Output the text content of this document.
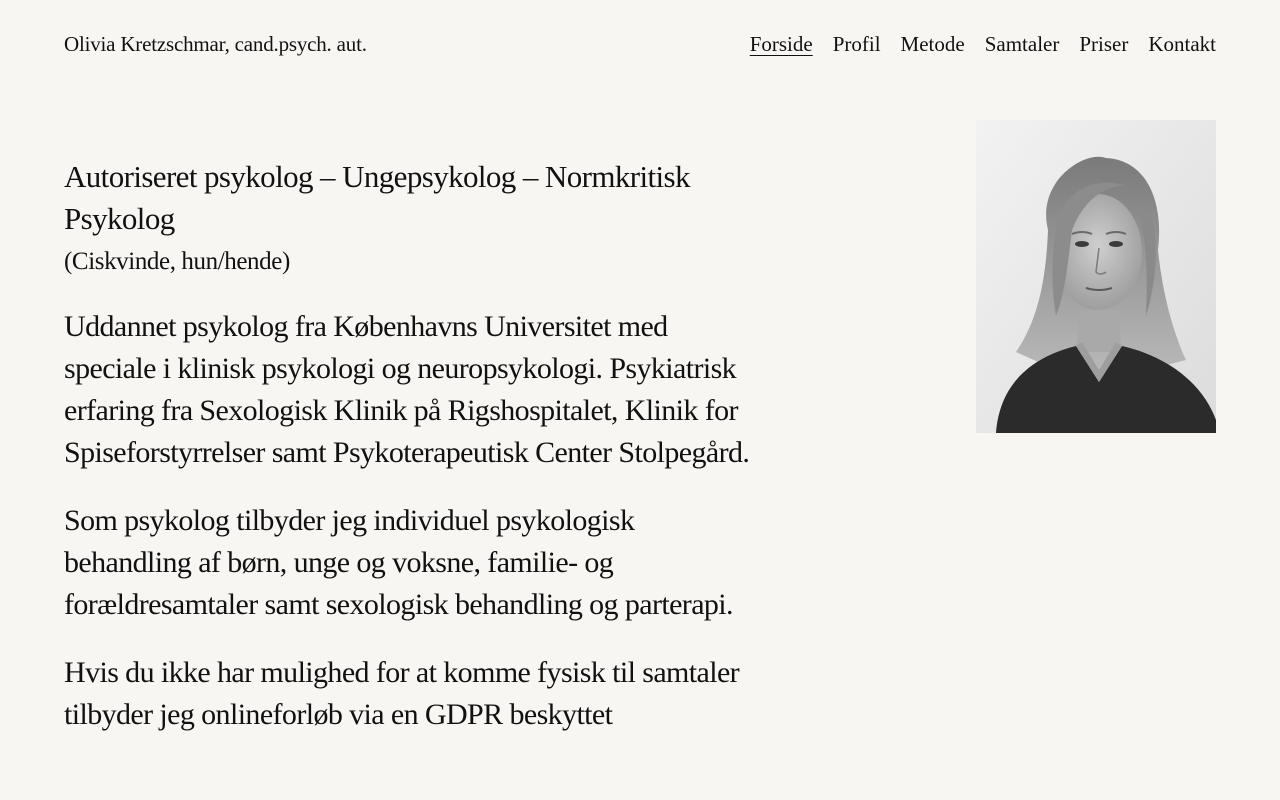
Olivia Kretzschmar, cand.psych. aut.	Forside Profil Metode Samtaler Priser Kontakt
Autoriseret psykolog – Ungepsykolog – Normkritisk Psykolog
(Ciskvinde, hun/hende)

Uddannet psykolog fra Københavns Universitet med speciale i klinisk psykologi og neuropsykologi. Psykiatrisk erfaring fra Sexologisk Klinik på Rigshospitalet, Klinik for Spiseforstyrrelser samt Psykoterapeutisk Center Stolpegård.

Som psykolog tilbyder jeg individuel psykologisk behandling af børn, unge og voksne, familie- og forældresamtaler samt sexologisk behandling og parterapi.

Hvis du ikke har mulighed for at komme fysisk til samtaler tilbyder jeg onlineforløb via en GDPR beskyttet
